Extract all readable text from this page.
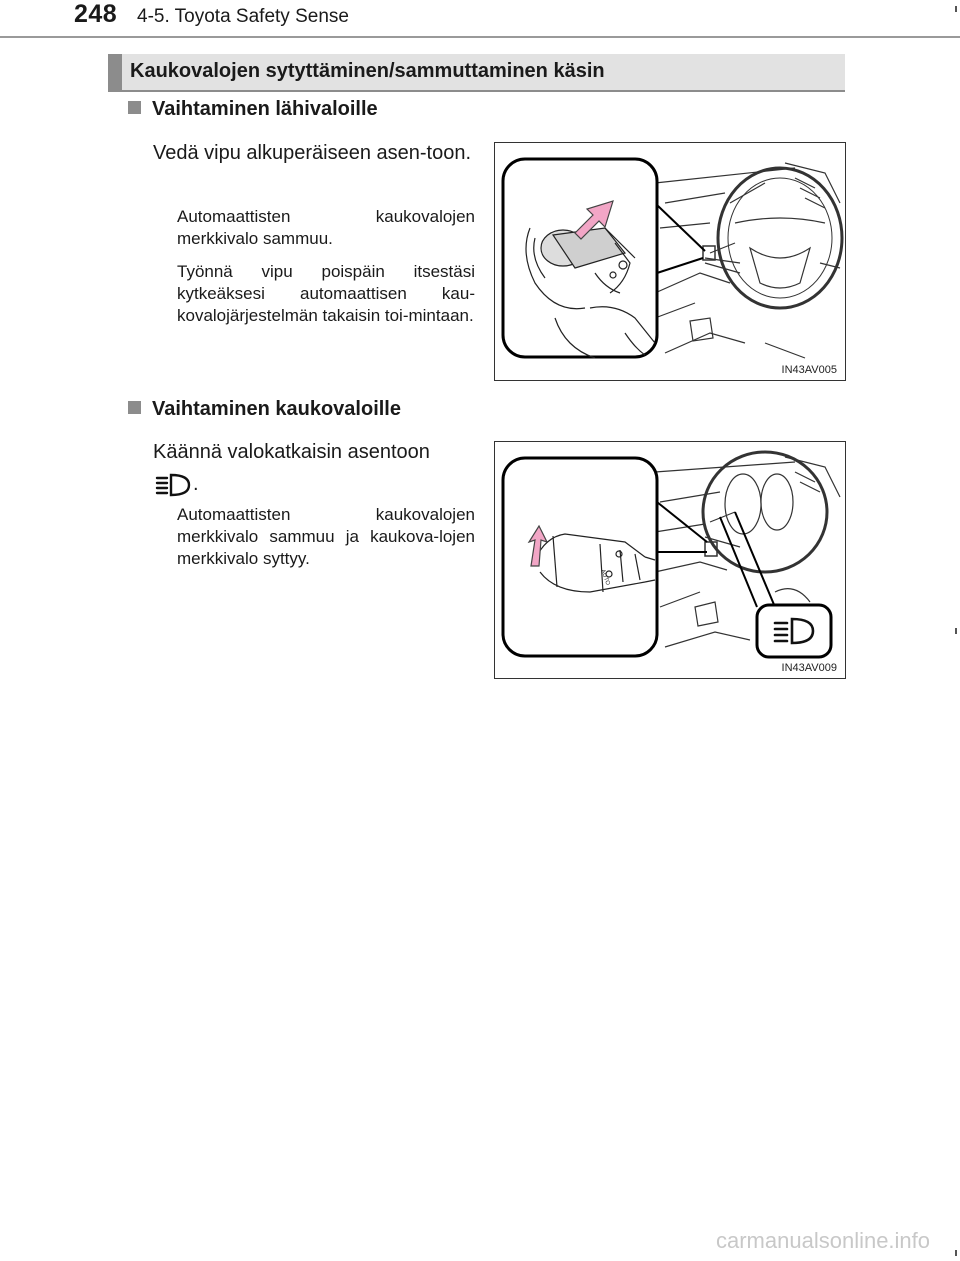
248 4-5. Toyota Safety Sense
Kaukovalojen sytyttäminen/sammuttaminen käsin
Vaihtaminen lähivaloille
Vedä vipu alkuperäiseen asen-toon.
Automaattisten kaukovalojen merkkivalo sammuu.
Työnnä vipu poispäin itsestäsi kytkeäksesi automaattisen kau-kovalojärjestelmän takaisin toi-mintaan.
IN43AV005
Vaihtaminen kaukovaloille
Käännä valokatkaisin asentoon
.
Automaattisten kaukovalojen merkkivalo sammuu ja kaukova-lojen merkkivalo syttyy.
AUTO
IN43AV009
carmanualsonline.info
